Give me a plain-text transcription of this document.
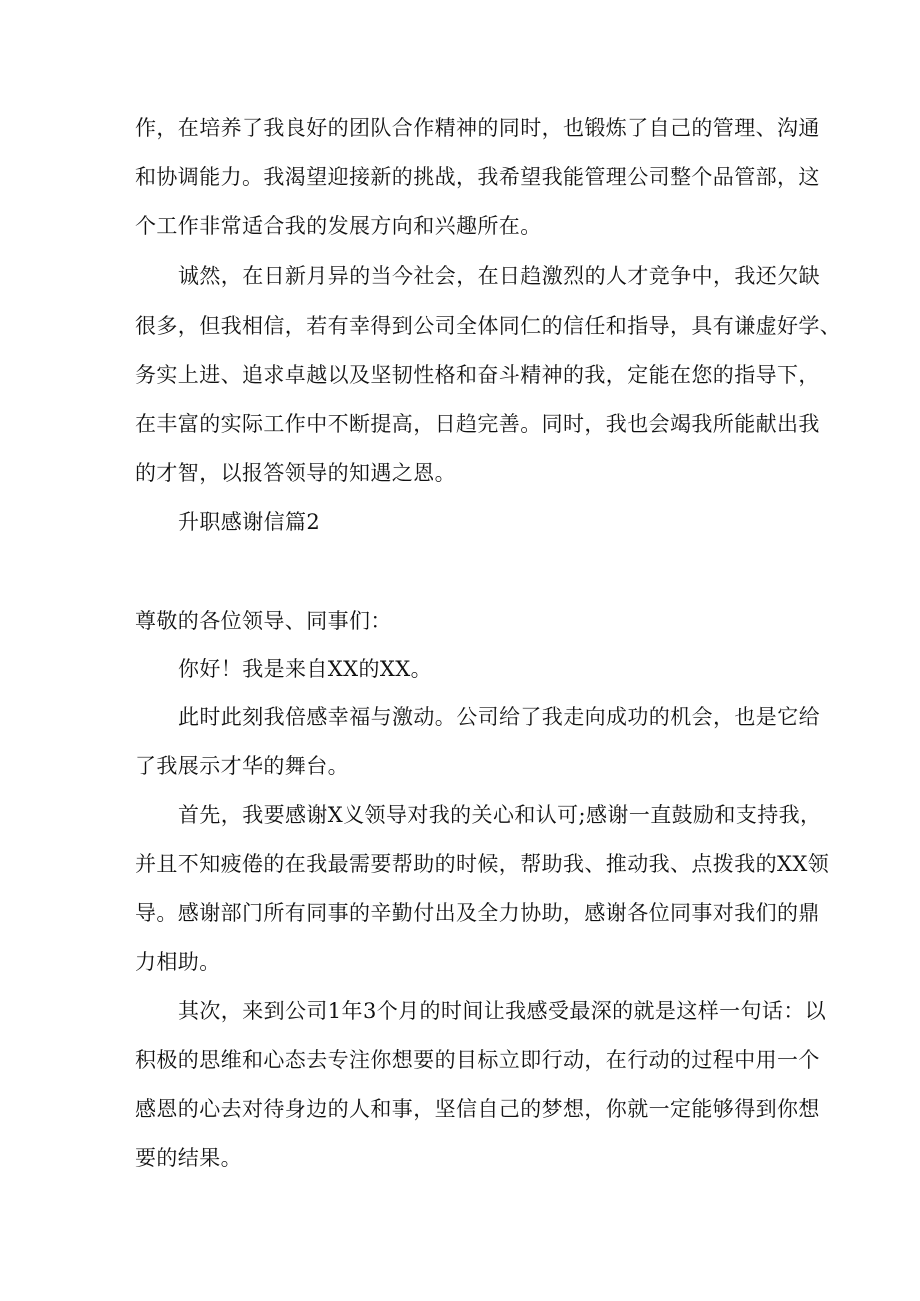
作，在培养了我良好的团队合作精神的同时，也锻炼了自己的管理、沟通
和协调能力。我渴望迎接新的挑战，我希望我能管理公司整个品管部，这
个工作非常适合我的发展方向和兴趣所在。
诚然，在日新月异的当今社会，在日趋激烈的人才竞争中，我还欠缺
很多，但我相信，若有幸得到公司全体同仁的信任和指导，具有谦虚好学、
务实上进、追求卓越以及坚韧性格和奋斗精神的我，定能在您的指导下，
在丰富的实际工作中不断提高，日趋完善。同时，我也会竭我所能献出我
的才智，以报答领导的知遇之恩。
升职感谢信篇2
尊敬的各位领导、同事们：
你好！我是来自XX的XX。
此时此刻我倍感幸福与激动。公司给了我走向成功的机会，也是它给
了我展示才华的舞台。
首先，我要感谢X义领导对我的关心和认可;感谢一直鼓励和支持我，
并且不知疲倦的在我最需要帮助的时候，帮助我、推动我、点拨我的XX领
导。感谢部门所有同事的辛勤付出及全力协助，感谢各位同事对我们的鼎
力相助。
其次，来到公司1年3个月的时间让我感受最深的就是这样一句话：以
积极的思维和心态去专注你想要的目标立即行动，在行动的过程中用一个
感恩的心去对待身边的人和事，坚信自己的梦想，你就一定能够得到你想
要的结果。
